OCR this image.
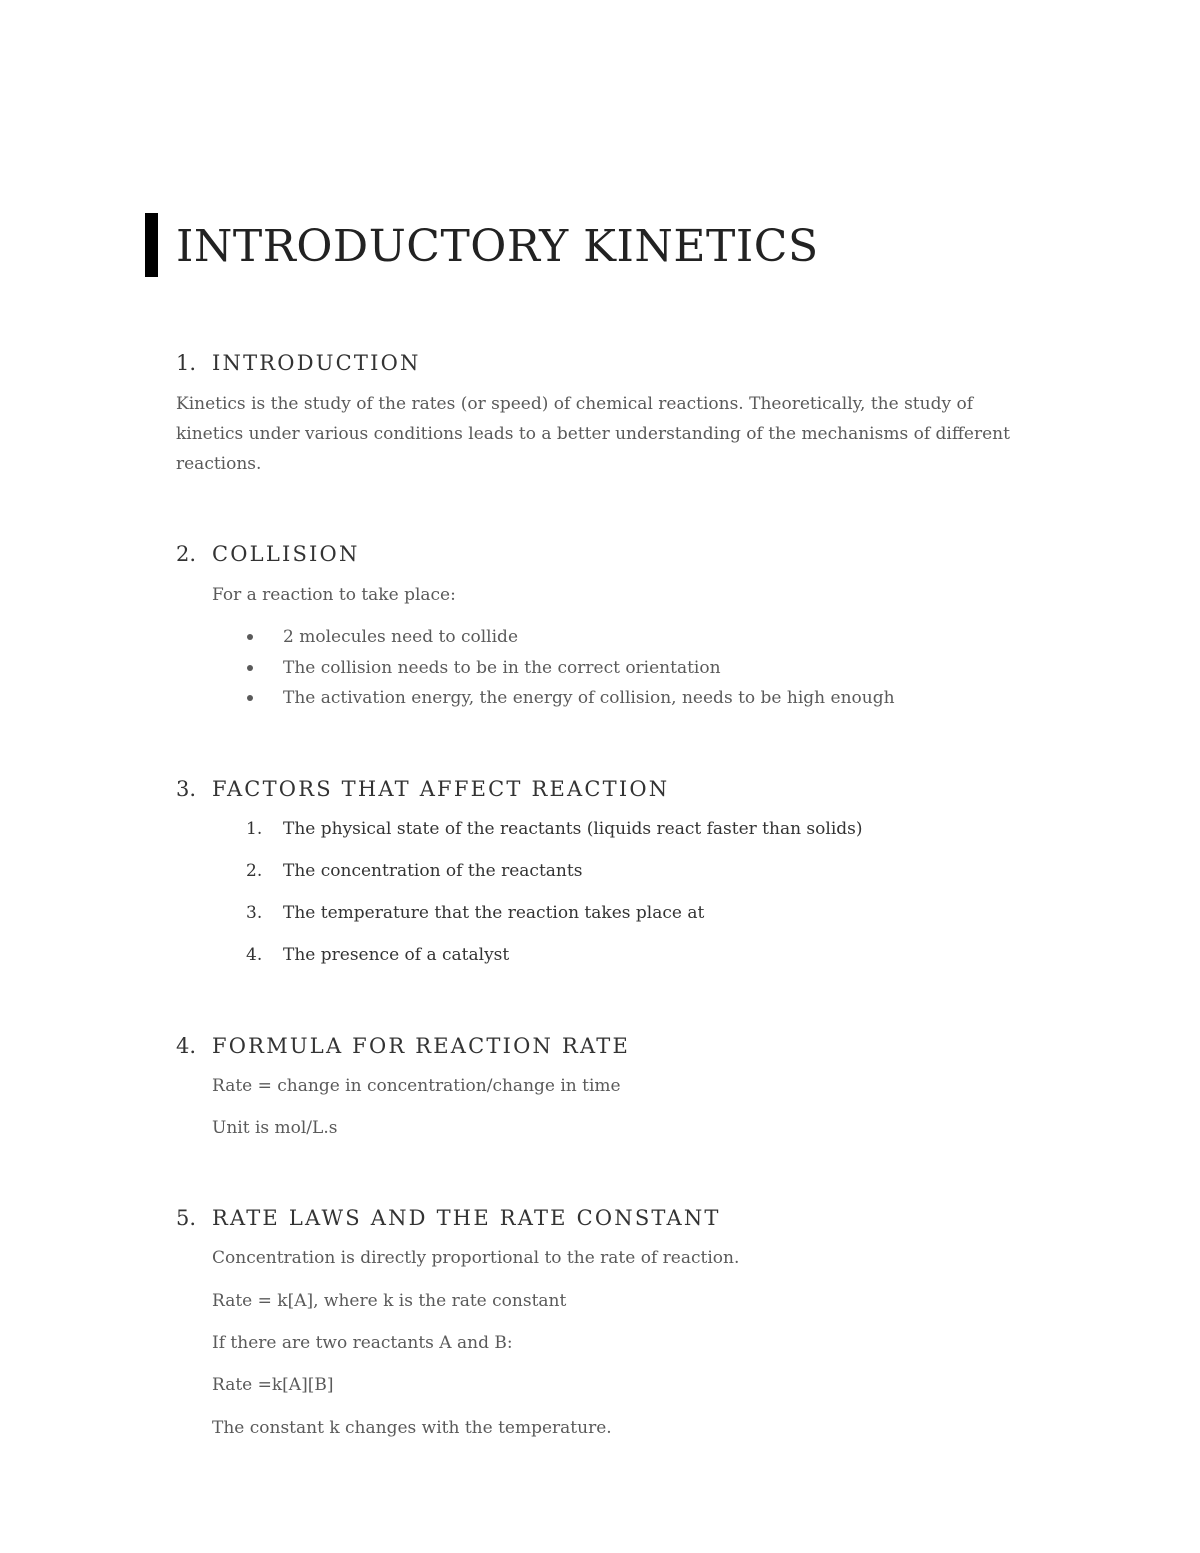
INTRODUCTORY KINETICS
1. INTRODUCTION

Kinetics is the study of the rates (or speed) of chemical reactions. Theoretically, the study of kinetics under various conditions leads to a better understanding of the mechanisms of different reactions.

2. COLLISION

For a reaction to take place:

2 molecules need to collide
The collision needs to be in the correct orientation
The activation energy, the energy of collision, needs to be high enough
3. FACTORS THAT AFFECT REACTION
1. The physical state of the reactants (liquids react faster than solids)
2. The concentration of the reactants
3. The temperature that the reaction takes place at
4. The presence of a catalyst
4. FORMULA FOR REACTION RATE

Rate = change in concentration/change in time

Unit is mol/L.s

5. RATE LAWS AND THE RATE CONSTANT

Concentration is directly proportional to the rate of reaction.

Rate = k[A], where k is the rate constant

If there are two reactants A and B:

Rate =k[A][B]

The constant k changes with the temperature.
